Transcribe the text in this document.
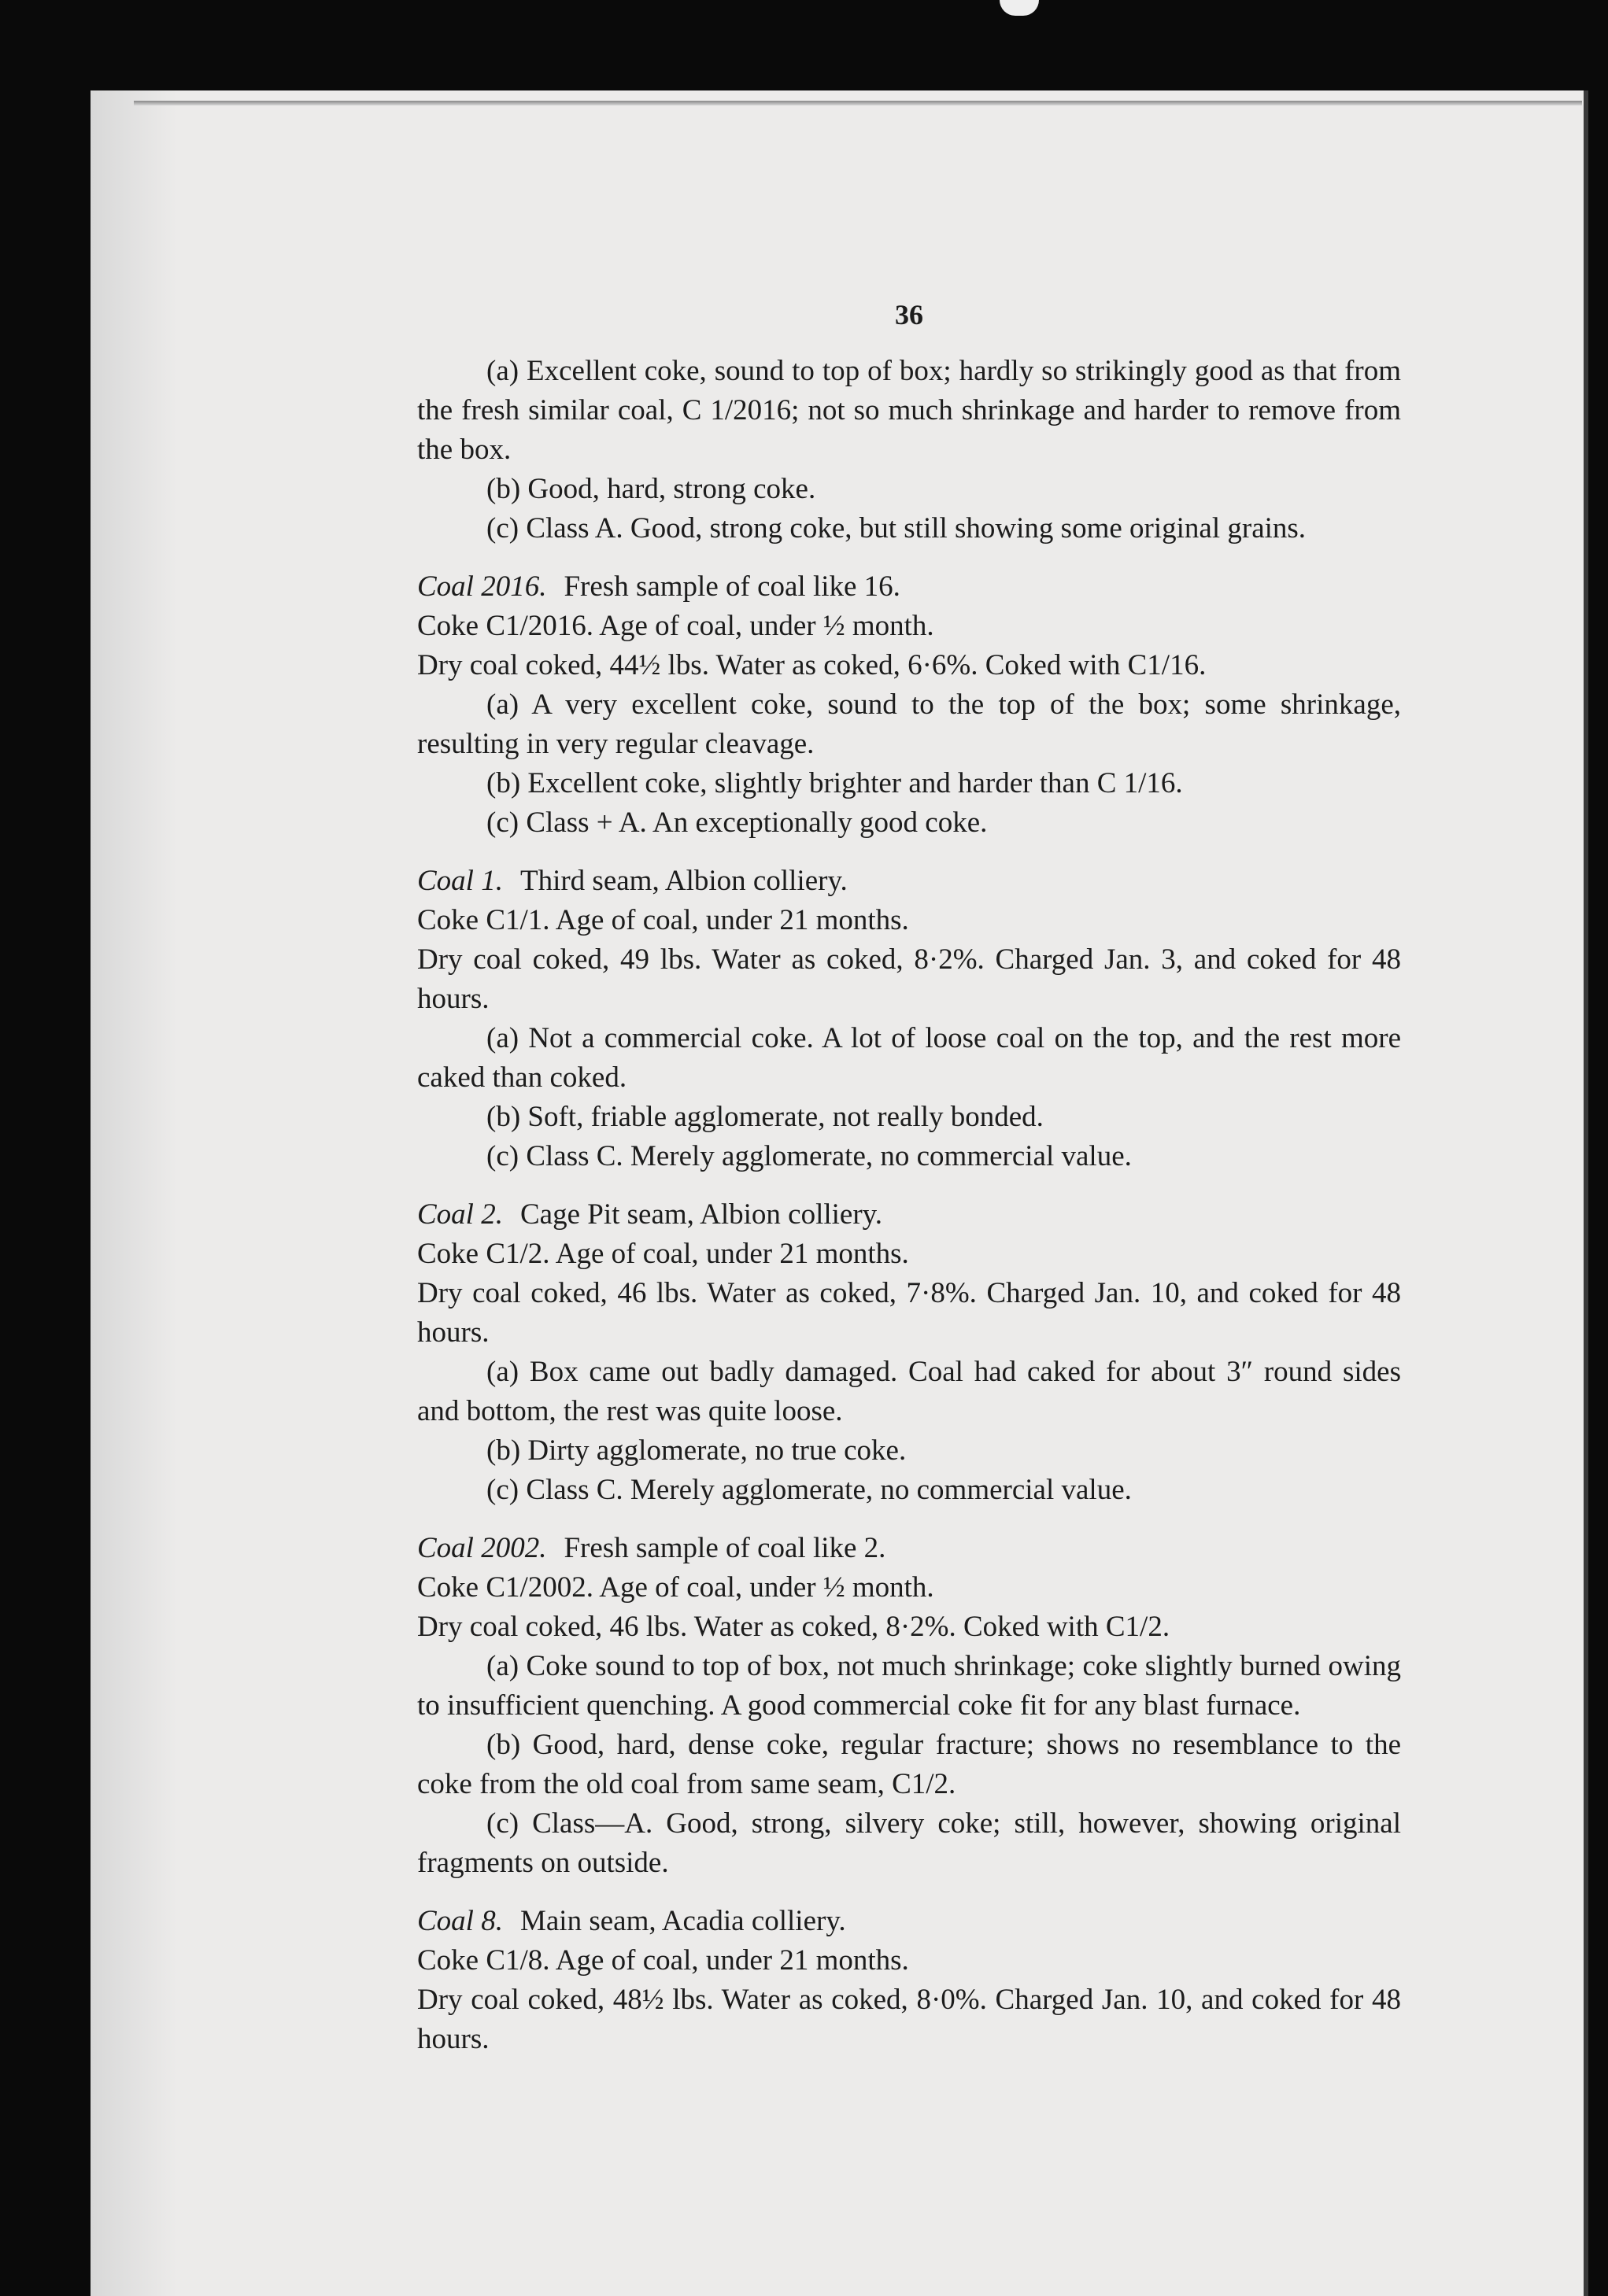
36

(a) Excellent coke, sound to top of box; hardly so strikingly good as that from the fresh similar coal, C 1/2016; not so much shrinkage and harder to remove from the box.

(b) Good, hard, strong coke.

(c) Class A. Good, strong coke, but still showing some original grains.

Coal 2016. Fresh sample of coal like 16.

Coke C1/2016. Age of coal, under ½ month.

Dry coal coked, 44½ lbs. Water as coked, 6·6%. Coked with C1/16.

(a) A very excellent coke, sound to the top of the box; some shrinkage, resulting in very regular cleavage.

(b) Excellent coke, slightly brighter and harder than C 1/16.

(c) Class + A. An exceptionally good coke.

Coal 1. Third seam, Albion colliery.

Coke C1/1. Age of coal, under 21 months.

Dry coal coked, 49 lbs. Water as coked, 8·2%. Charged Jan. 3, and coked for 48 hours.

(a) Not a commercial coke. A lot of loose coal on the top, and the rest more caked than coked.

(b) Soft, friable agglomerate, not really bonded.

(c) Class C. Merely agglomerate, no commercial value.

Coal 2. Cage Pit seam, Albion colliery.

Coke C1/2. Age of coal, under 21 months.

Dry coal coked, 46 lbs. Water as coked, 7·8%. Charged Jan. 10, and coked for 48 hours.

(a) Box came out badly damaged. Coal had caked for about 3″ round sides and bottom, the rest was quite loose.

(b) Dirty agglomerate, no true coke.

(c) Class C. Merely agglomerate, no commercial value.

Coal 2002. Fresh sample of coal like 2.

Coke C1/2002. Age of coal, under ½ month.

Dry coal coked, 46 lbs. Water as coked, 8·2%. Coked with C1/2.

(a) Coke sound to top of box, not much shrinkage; coke slightly burned owing to insufficient quenching. A good commercial coke fit for any blast furnace.

(b) Good, hard, dense coke, regular fracture; shows no resemblance to the coke from the old coal from same seam, C1/2.

(c) Class—A. Good, strong, silvery coke; still, however, showing original fragments on outside.

Coal 8. Main seam, Acadia colliery.

Coke C1/8. Age of coal, under 21 months.

Dry coal coked, 48½ lbs. Water as coked, 8·0%. Charged Jan. 10, and coked for 48 hours.
